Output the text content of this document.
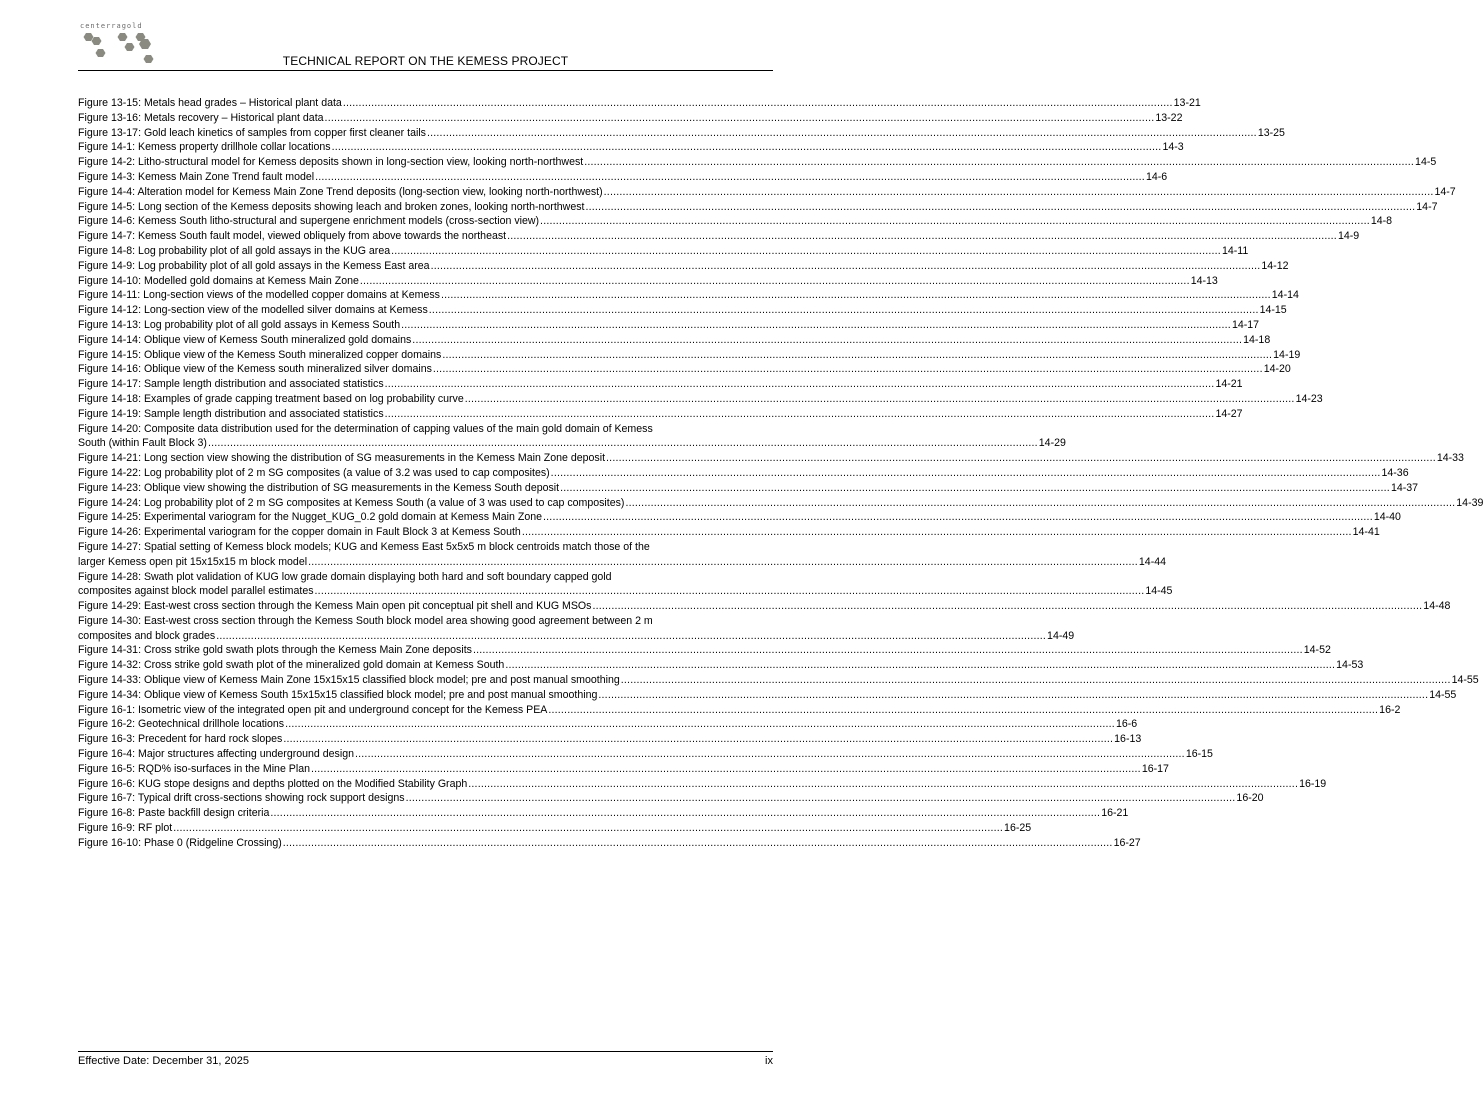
centerragold
TECHNICAL REPORT ON THE KEMESS PROJECT
Figure 13-15: Metals head grades – Historical plant data .....	13-21
Figure 13-16: Metals recovery – Historical plant data .....	13-22
Figure 13-17: Gold leach kinetics of samples from copper first cleaner tails .....	13-25
Figure 14-1: Kemess property drillhole collar locations .....	14-3
Figure 14-2: Litho-structural model for Kemess deposits shown in long-section view, looking north-northwest .....	14-5
Figure 14-3: Kemess Main Zone Trend fault model .....	14-6
Figure 14-4: Alteration model for Kemess Main Zone Trend deposits (long-section view, looking north-northwest) .....	14-7
Figure 14-5: Long section of the Kemess deposits showing leach and broken zones, looking north-northwest .....	14-7
Figure 14-6: Kemess South litho-structural and supergene enrichment models (cross-section view) .....	14-8
Figure 14-7: Kemess South fault model, viewed obliquely from above towards the northeast .....	14-9
Figure 14-8: Log probability plot of all gold assays in the KUG area .....	14-11
Figure 14-9: Log probability plot of all gold assays in the Kemess East area .....	14-12
Figure 14-10: Modelled gold domains at Kemess Main Zone .....	14-13
Figure 14-11: Long-section views of the modelled copper domains at Kemess .....	14-14
Figure 14-12: Long-section view of the modelled silver domains at Kemess .....	14-15
Figure 14-13: Log probability plot of all gold assays in Kemess South .....	14-17
Figure 14-14: Oblique view of Kemess South mineralized gold domains .....	14-18
Figure 14-15: Oblique view of the Kemess South mineralized copper domains .....	14-19
Figure 14-16: Oblique view of the Kemess south mineralized silver domains .....	14-20
Figure 14-17: Sample length distribution and associated statistics .....	14-21
Figure 14-18: Examples of grade capping treatment based on log probability curve .....	14-23
Figure 14-19: Sample length distribution and associated statistics .....	14-27
Figure 14-20: Composite data distribution used for the determination of capping values of the main gold domain of Kemess
South (within Fault Block 3) .....	14-29
Figure 14-21: Long section view showing the distribution of SG measurements in the Kemess Main Zone deposit .....	14-33
Figure 14-22: Log probability plot of 2 m SG composites (a value of 3.2 was used to cap composites) .....	14-36
Figure 14-23: Oblique view showing the distribution of SG measurements in the Kemess South deposit .....	14-37
Figure 14-24: Log probability plot of 2 m SG composites at Kemess South (a value of 3 was used to cap composites) .....	14-39
Figure 14-25: Experimental variogram for the Nugget_KUG_0.2 gold domain at Kemess Main Zone .....	14-40
Figure 14-26: Experimental variogram for the copper domain in Fault Block 3 at Kemess South .....	14-41
Figure 14-27: Spatial setting of Kemess block models; KUG and Kemess East 5x5x5 m block centroids match those of the
larger Kemess open pit 15x15x15 m block model .....	14-44
Figure 14-28: Swath plot validation of KUG low grade domain displaying both hard and soft boundary capped gold
composites against block model parallel estimates .....	14-45
Figure 14-29: East-west cross section through the Kemess Main open pit conceptual pit shell and KUG MSOs .....	14-48
Figure 14-30: East-west cross section through the Kemess South block model area showing good agreement between 2 m
composites and block grades .....	14-49
Figure 14-31: Cross strike gold swath plots through the Kemess Main Zone deposits .....	14-52
Figure 14-32: Cross strike gold swath plot of the mineralized gold domain at Kemess South .....	14-53
Figure 14-33: Oblique view of Kemess Main Zone 15x15x15 classified block model; pre and post manual smoothing .....	14-55
Figure 14-34: Oblique view of Kemess South 15x15x15 classified block model; pre and post manual smoothing .....	14-55
Figure 16-1: Isometric view of the integrated open pit and underground concept for the Kemess PEA .....	16-2
Figure 16-2: Geotechnical drillhole locations .....	16-6
Figure 16-3: Precedent for hard rock slopes .....	16-13
Figure 16-4: Major structures affecting underground design .....	16-15
Figure 16-5: RQD% iso-surfaces in the Mine Plan .....	16-17
Figure 16-6: KUG stope designs and depths plotted on the Modified Stability Graph .....	16-19
Figure 16-7: Typical drift cross-sections showing rock support designs .....	16-20
Figure 16-8: Paste backfill design criteria .....	16-21
Figure 16-9: RF plot .....	16-25
Figure 16-10: Phase 0 (Ridgeline Crossing) .....	16-27
Effective Date: December 31, 2025	ix
